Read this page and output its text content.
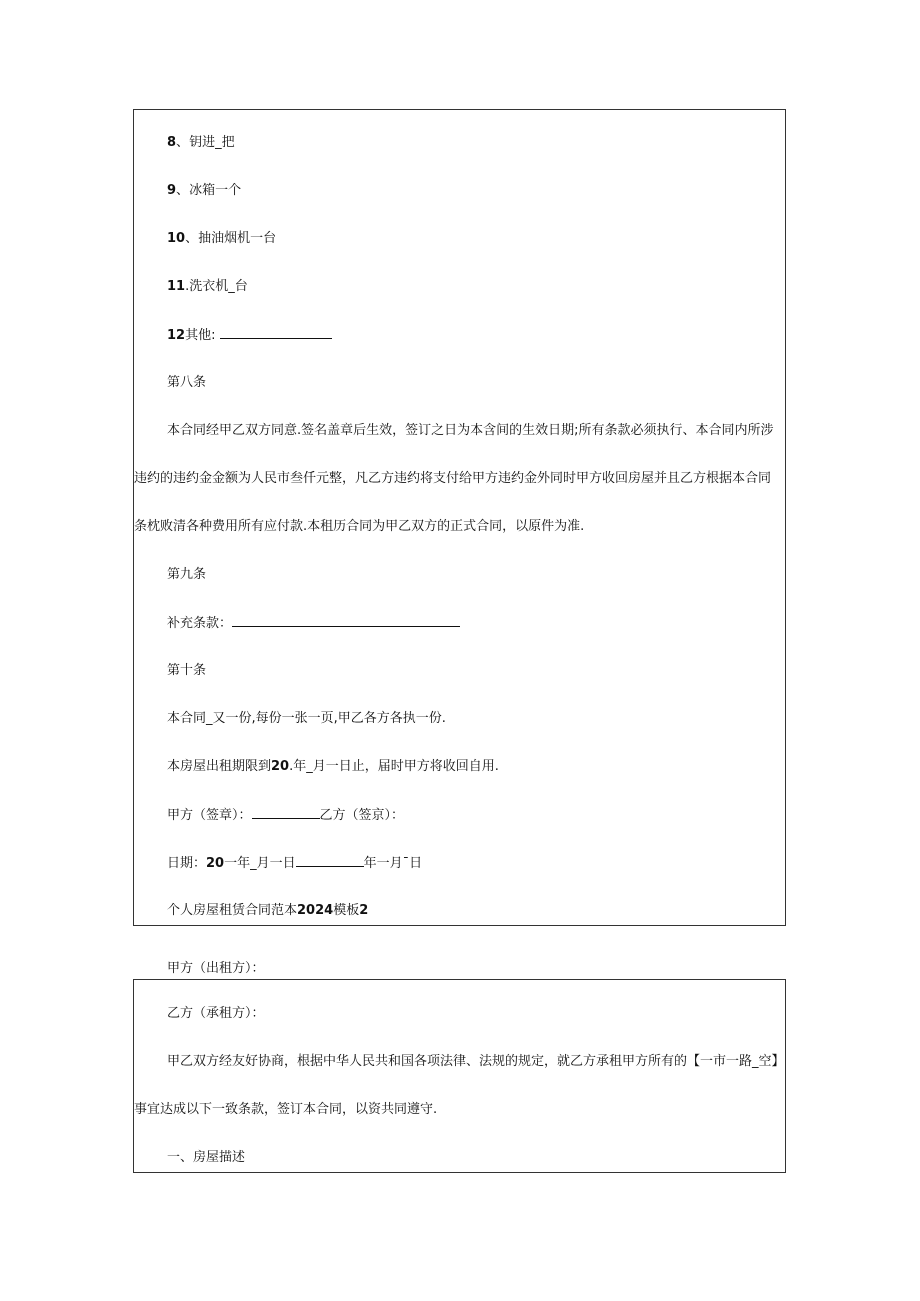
8、钥进_把
9、冰箱一个
10、抽油烟机一台
11.洗衣机_台
12其他:
第八条
本合同经甲乙双方同意.签名盖章后生效，签订之日为本含间的生效日期;所有条款必须执行、本合同内所涉
违约的违约金金额为人民市叁仟元整，凡乙方违约将支付给甲方违约金外同时甲方收回房屋并且乙方根据本合同
条枕败清各种费用所有应付款.本租历合同为甲乙双方的正式合同，以原件为准.
第九条
补充条款：
第十条
本合同_又一份,每份一张一页,甲乙各方各执一份.
本房屋出租期限到20.年_月一日止，届时甲方将收回自用.
甲方（签章）：	乙方（签京）：
日期：20一年_月一日	年一月¯日
个人房屋租赁合同范本2024模板2
甲方（出租方）：
乙方（承租方）：
甲乙双方经友好协商，根据中华人民共和国各项法律、法规的规定，就乙方承租甲方所有的【一市一路_空】
事宜达成以下一致条款，签订本合同，以资共同遵守.
一、房屋描述
